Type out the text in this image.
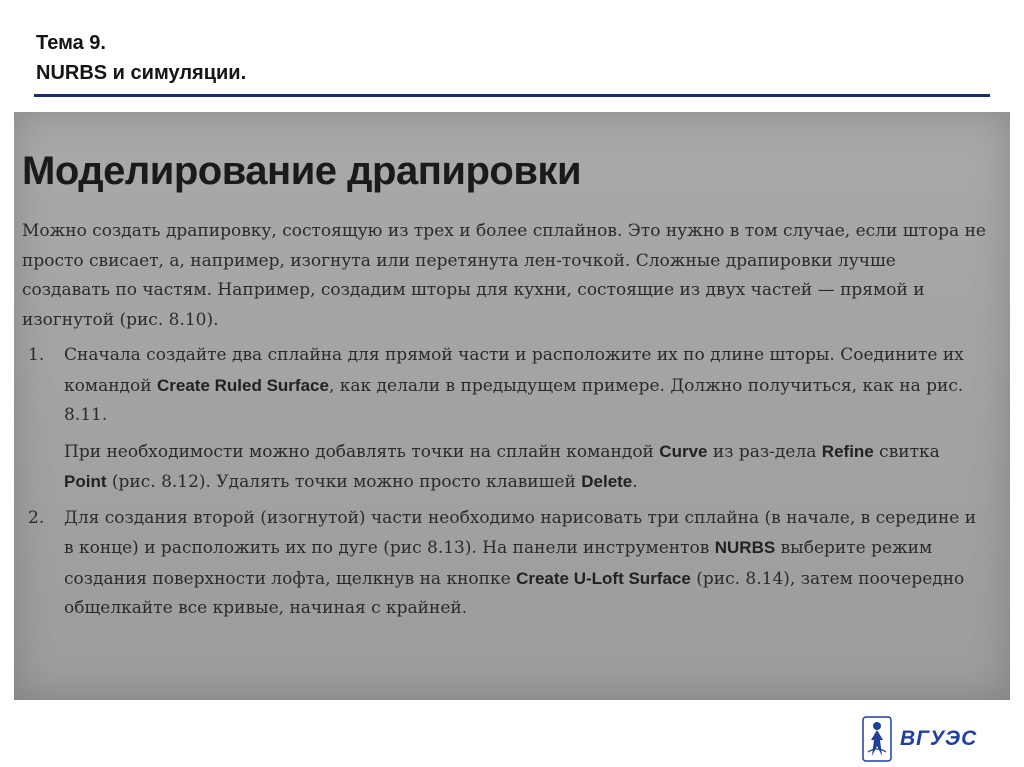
Тема 9.
NURBS и симуляции.
Моделирование драпировки

Можно создать драпировку, состоящую из трех и более сплайнов. Это нужно в том случае, если штора не просто свисает, а, например, изогнута или перетянута лен-точкой. Сложные драпировки лучше создавать по частям. Например, создадим шторы для кухни, состоящие из двух частей — прямой и изогнутой (рис. 8.10).

1. Сначала создайте два сплайна для прямой части и расположите их по длине шторы. Соедините их командой Create Ruled Surface, как делали в предыдущем примере. Должно получиться, как на рис. 8.11.
При необходимости можно добавлять точки на сплайн командой Curve из раз-дела Refine свитка Point (рис. 8.12). Удалять точки можно просто клавишей Delete.
2. Для создания второй (изогнутой) части необходимо нарисовать три сплайна (в начале, в середине и в конце) и расположить их по дуге (рис 8.13). На панели инструментов NURBS выберите режим создания поверхности лофта, щелкнув на кнопке Create U-Loft Surface (рис. 8.14), затем поочередно общелкайте все кривые, начиная с крайней.
ВГУЭС
